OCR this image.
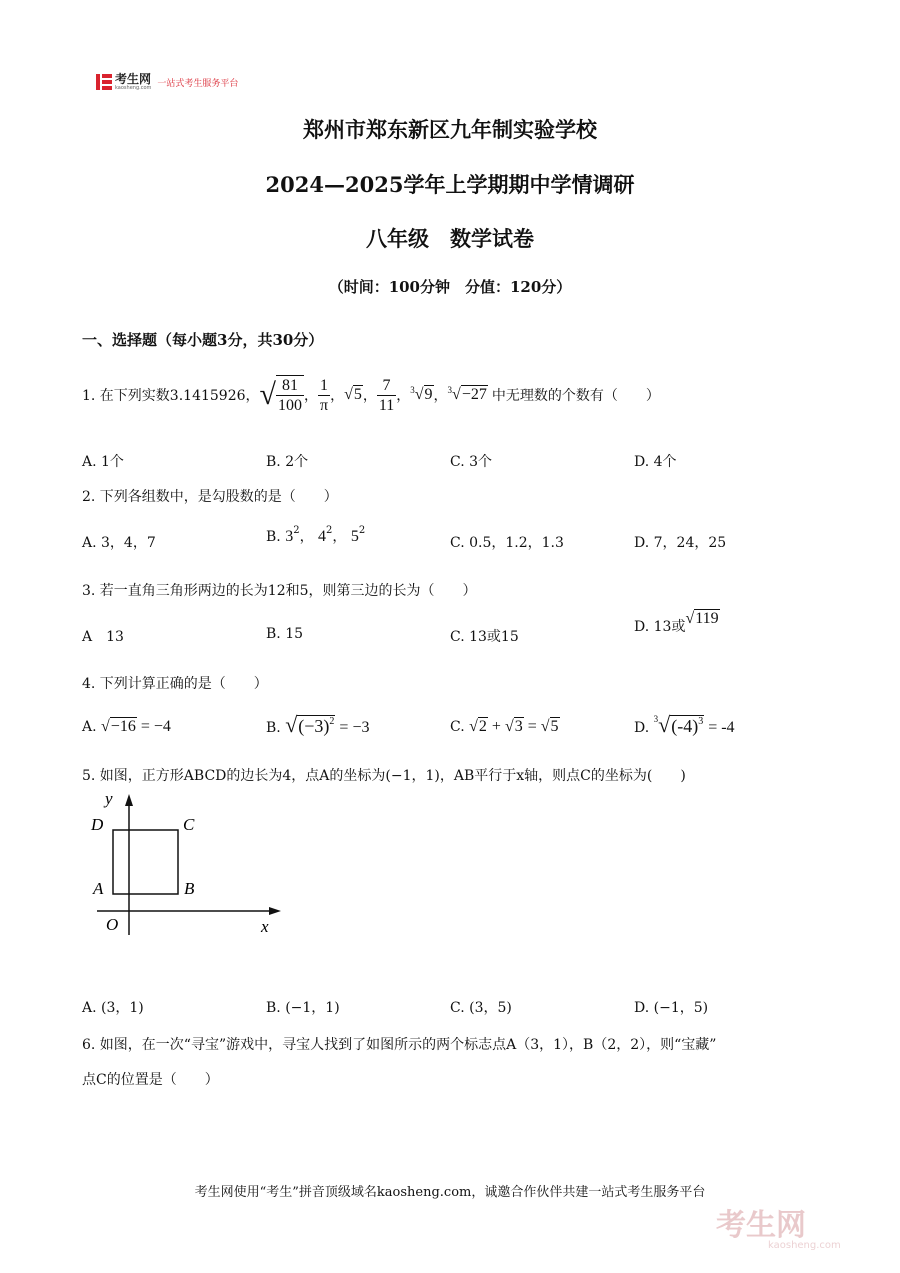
考生网
kaosheng.com 一站式考生服务平台
郑州市郑东新区九年制实验学校
2024—2025学年上学期期中学情调研
八年级　数学试卷
（时间：100分钟　分值：120分）
一、选择题（每小题3分，共30分）
1. 在下列实数3.1415926， √ $\frac{81}{100}$ ， $\frac{1}{\pi}$ ， √5 ， $\frac{7}{11}$ ， $^3$√9 ， $^3$√−27 中无理数的个数有（　　）
A. 1个	B. 2个	C. 3个	D. 4个
2. 下列各组数中，是勾股数的是（　　）
A. 3，4，7	B. $3^2$， $4^2$， $5^2$
C. 0.5，1.2，1.3	D. 7，24，25
3. 若一直角三角形两边的长为12和5，则第三边的长为（　　）
A　13	B. 15	C. 13或15
D. 13或√119
4. 下列计算正确的是（　　）
A. √−16 = −4	B. $√(-3)^2 = -3$	C. √2 + √3 = √5	D. $^3√(-4)^3 = -4$
5. 如图，正方形ABCD的边长为4，点A的坐标为(−1，1)，AB平行于x轴，则点C的坐标为(　　)
y
x
O
A	B
C
D
A. (3，1)	B. (−1，1)	C. (3，5)	D. (−1，5)
6. 如图，在一次“寻宝”游戏中，寻宝人找到了如图所示的两个标志点A（3，1），B（2，2），则“宝藏”
点C的位置是（　　）
考生网使用“考生”拼音顶级域名kaosheng.com，诚邀合作伙伴共建一站式考生服务平台
考生网
kaosheng.com
